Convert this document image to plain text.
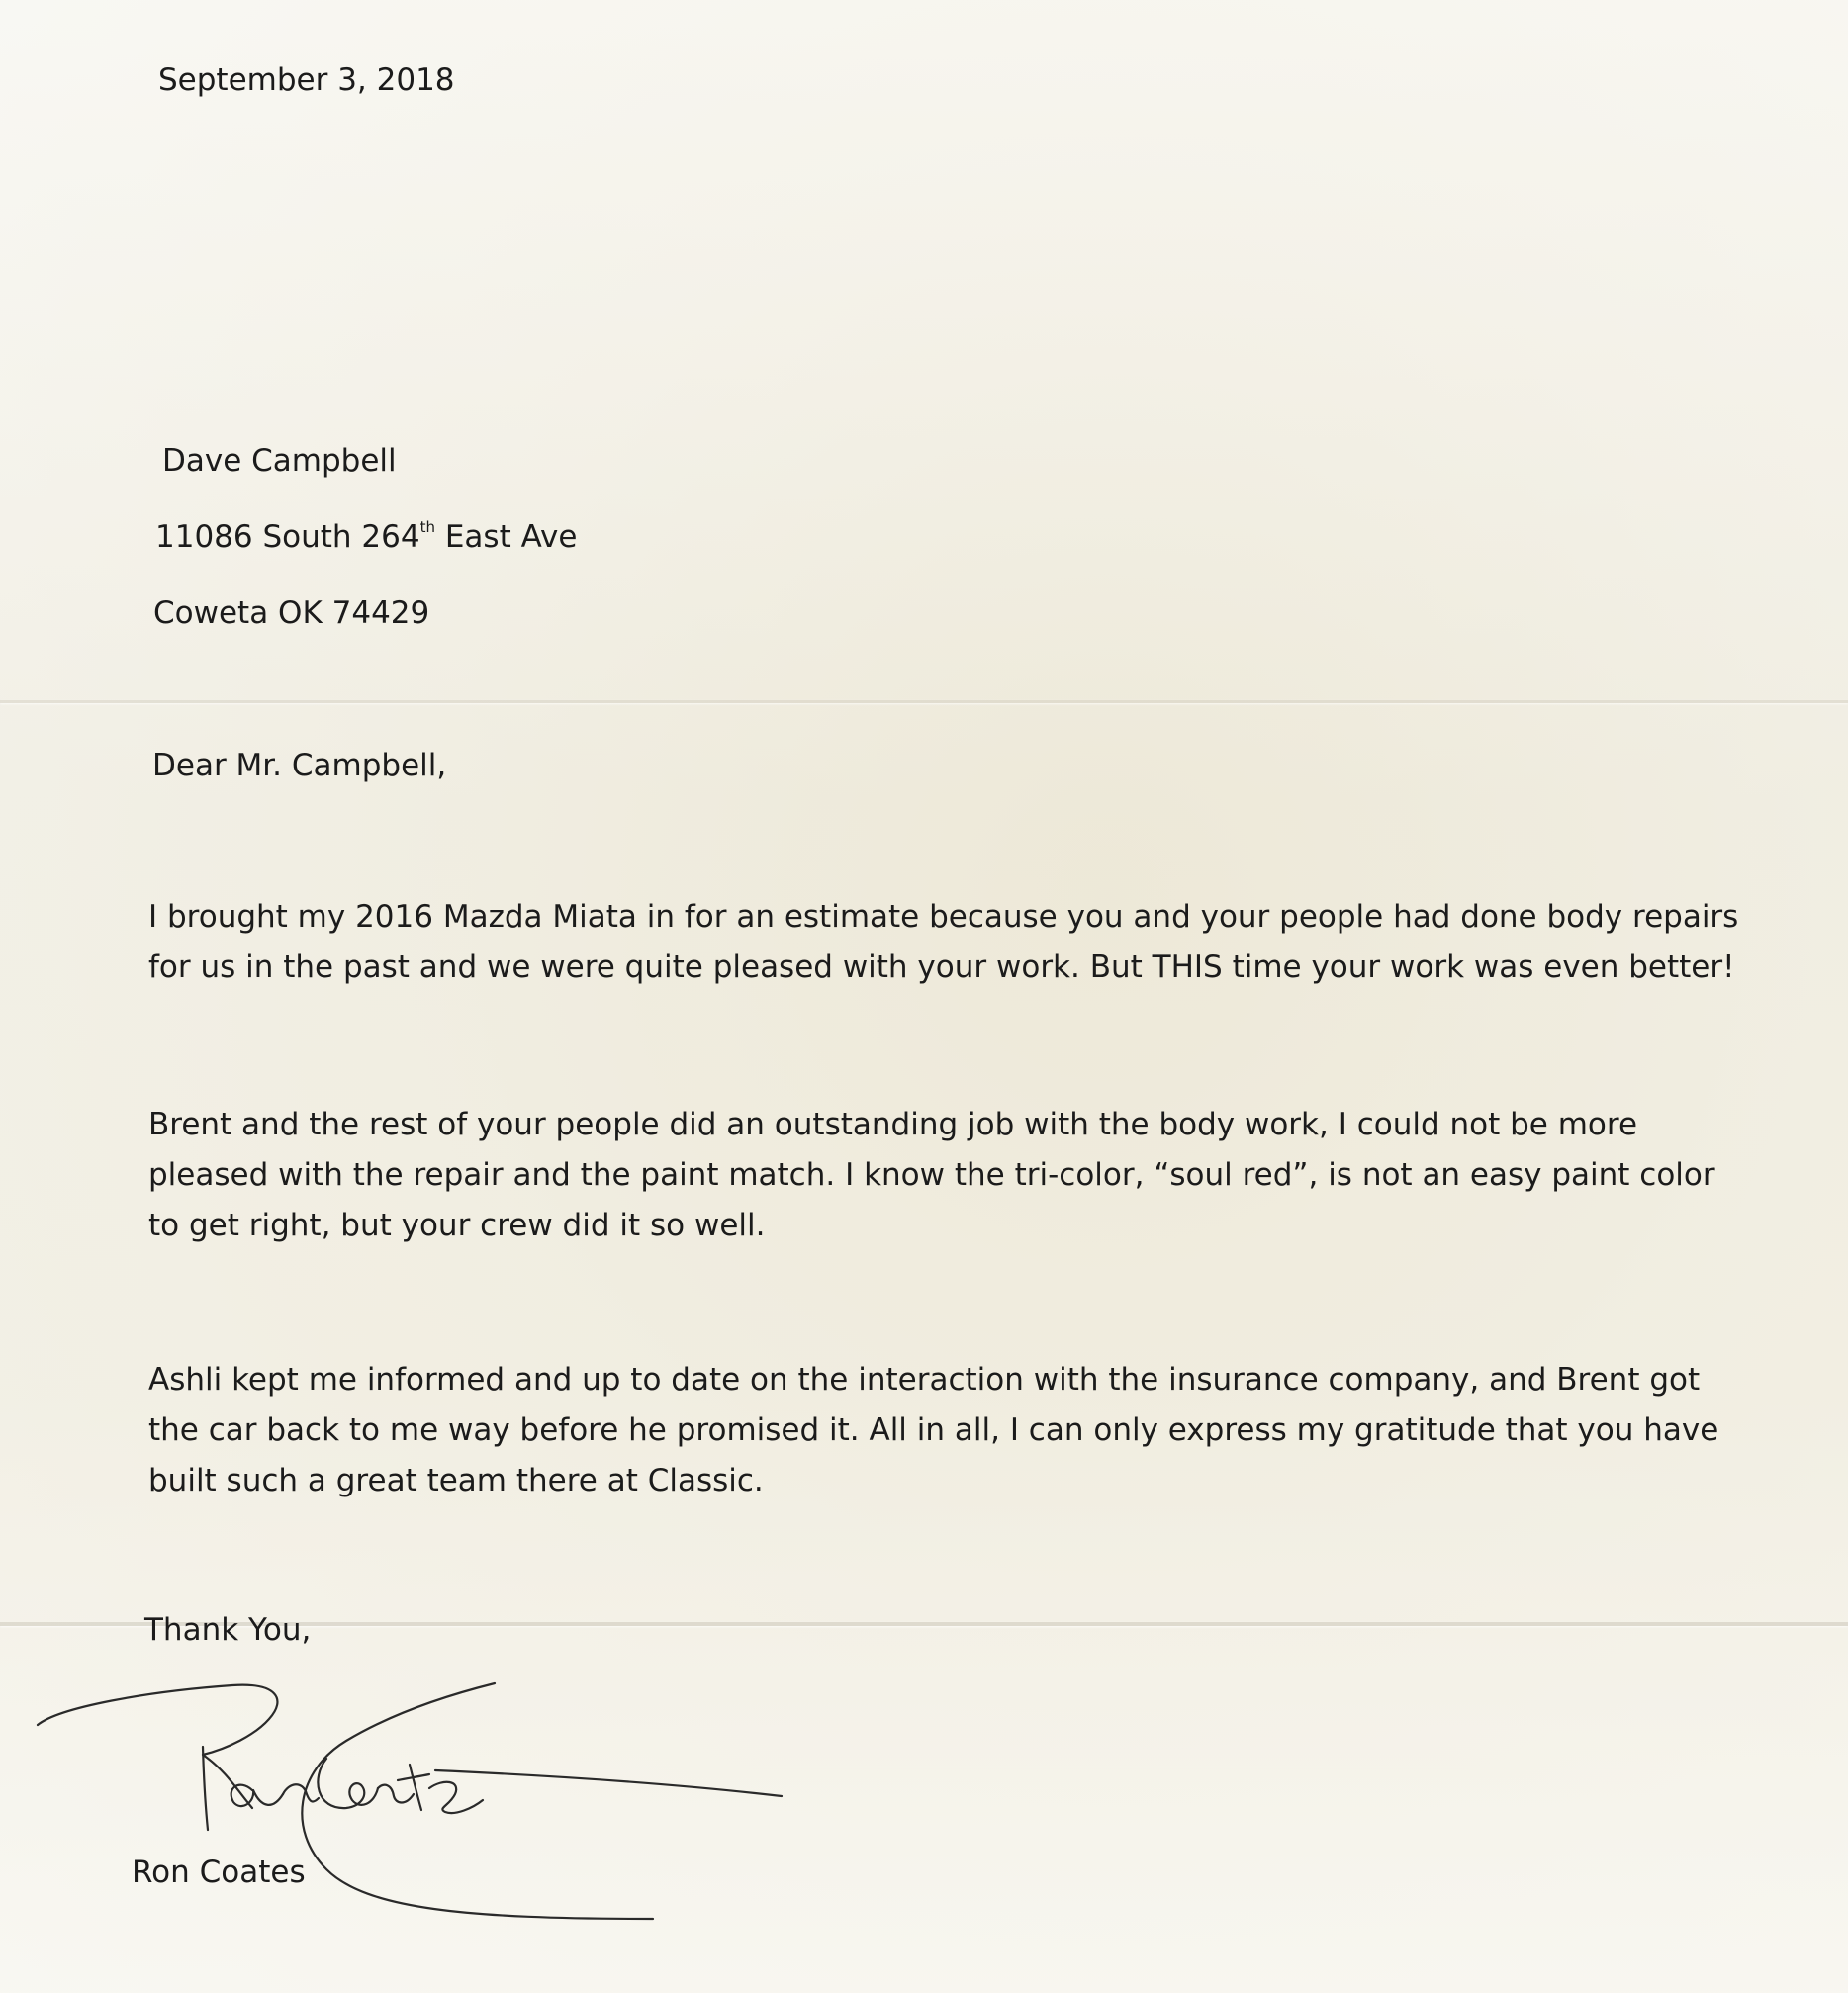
September 3, 2018
Dave Campbell
11086 South 264th East Ave
Coweta OK 74429
Dear Mr. Campbell,
I brought my 2016 Mazda Miata in for an estimate because you and your people had done body repairs
for us in the past and we were quite pleased with your work. But THIS time your work was even better!
Brent and the rest of your people did an outstanding job with the body work, I could not be more
pleased with the repair and the paint match. I know the tri-color, “soul red”, is not an easy paint color
to get right, but your crew did it so well.
Ashli kept me informed and up to date on the interaction with the insurance company, and Brent got
the car back to me way before he promised it. All in all, I can only express my gratitude that you have
built such a great team there at Classic.
Thank You,
Ron Coates
